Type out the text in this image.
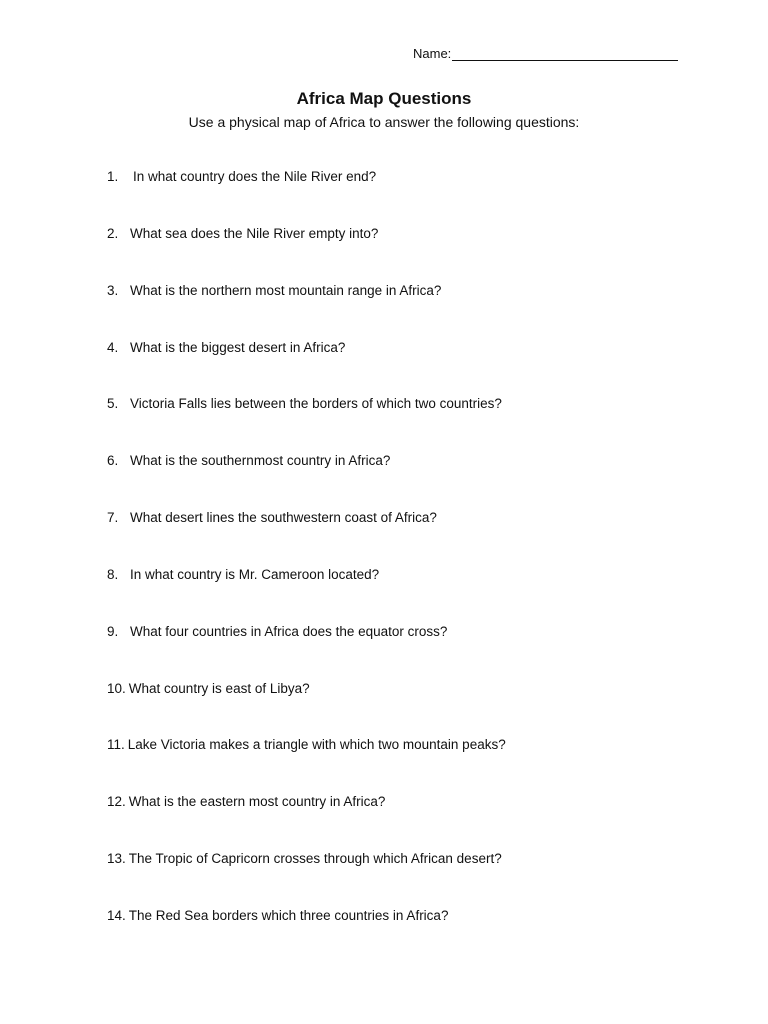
Name:
Africa Map Questions
Use a physical map of Africa to answer the following questions:
1. In what country does the Nile River end?
2. What sea does the Nile River empty into?
3. What is the northern most mountain range in Africa?
4. What is the biggest desert in Africa?
5. Victoria Falls lies between the borders of which two countries?
6. What is the southernmost country in Africa?
7. What desert lines the southwestern coast of Africa?
8. In what country is Mr. Cameroon located?
9. What four countries in Africa does the equator cross?
10. What country is east of Libya?
11. Lake Victoria makes a triangle with which two mountain peaks?
12. What is the eastern most country in Africa?
13. The Tropic of Capricorn crosses through which African desert?
14. The Red Sea borders which three countries in Africa?
